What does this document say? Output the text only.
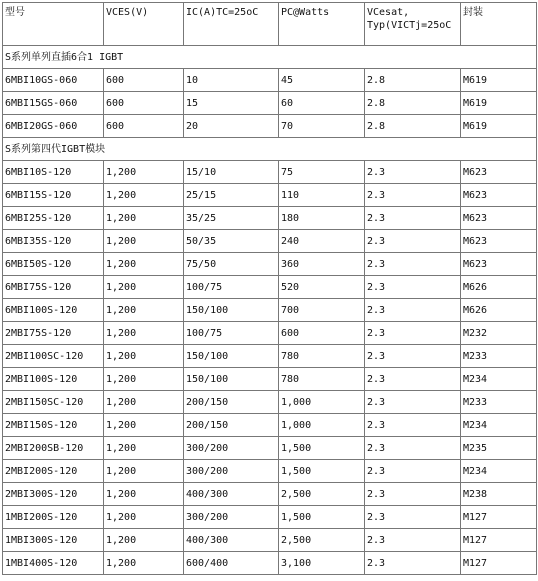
型号	VCES(V)	IC(A)TC=25oC	PC@Watts	VCesat, Typ(VICTj=25oC	封装
S系列单列直插6合1 IGBT					
6MBI10GS-060	600	10	45	2.8	M619
6MBI15GS-060	600	15	60	2.8	M619
6MBI20GS-060	600	20	70	2.8	M619
S系列第四代IGBT模块					
6MBI10S-120	1,200	15/10	75	2.3	M623
6MBI15S-120	1,200	25/15	110	2.3	M623
6MBI25S-120	1,200	35/25	180	2.3	M623
6MBI35S-120	1,200	50/35	240	2.3	M623
6MBI50S-120	1,200	75/50	360	2.3	M623
6MBI75S-120	1,200	100/75	520	2.3	M626
6MBI100S-120	1,200	150/100	700	2.3	M626
2MBI75S-120	1,200	100/75	600	2.3	M232
2MBI100SC-120	1,200	150/100	780	2.3	M233
2MBI100S-120	1,200	150/100	780	2.3	M234
2MBI150SC-120	1,200	200/150	1,000	2.3	M233
2MBI150S-120	1,200	200/150	1,000	2.3	M234
2MBI200SB-120	1,200	300/200	1,500	2.3	M235
2MBI200S-120	1,200	300/200	1,500	2.3	M234
2MBI300S-120	1,200	400/300	2,500	2.3	M238
1MBI200S-120	1,200	300/200	1,500	2.3	M127
1MBI300S-120	1,200	400/300	2,500	2.3	M127
1MBI400S-120	1,200	600/400	3,100	2.3	M127
